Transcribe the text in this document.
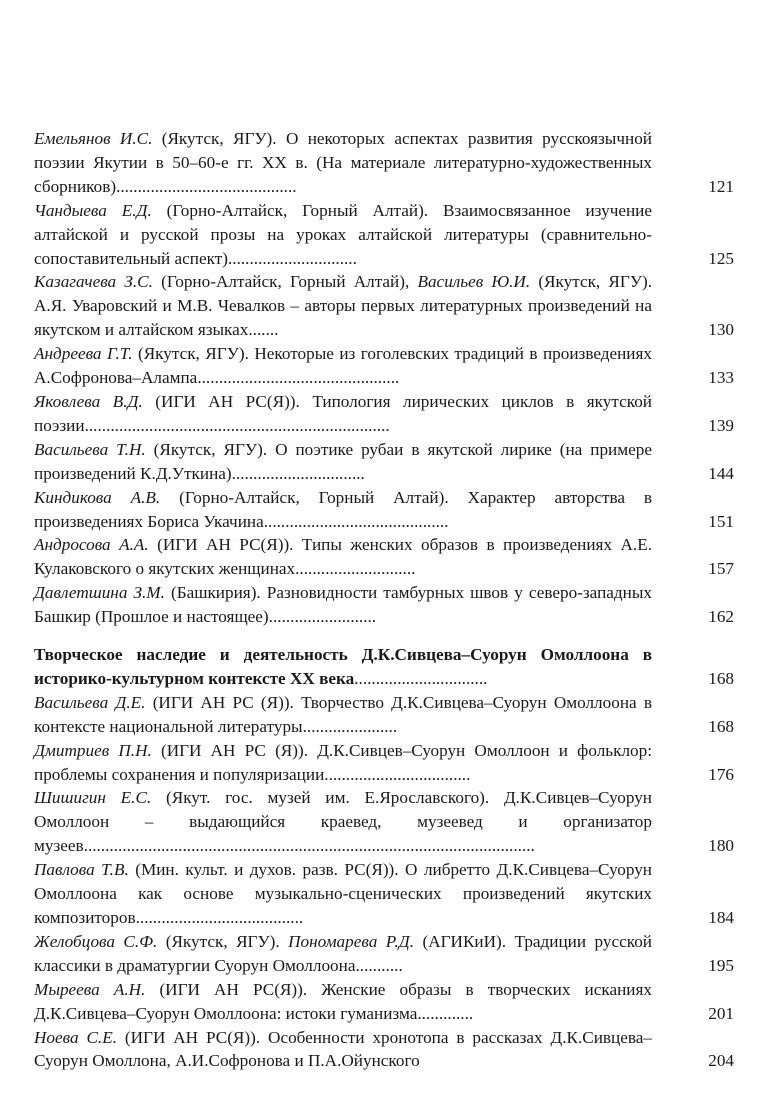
Емельянов И.С. (Якутск, ЯГУ). О некоторых аспектах развития русскоязычной поэзии Якутии в 50–60-е гг. XX в. (На материале литературно-художественных сборников)..........................................	121
Чандыева Е.Д. (Горно-Алтайск, Горный Алтай). Взаимосвязанное изучение алтайской и русской прозы на уроках алтайской литературы (сравнительно-сопоставительный аспект)..............................	125
Казагачева З.С. (Горно-Алтайск, Горный Алтай), Васильев Ю.И. (Якутск, ЯГУ). А.Я. Уваровский и М.В. Чевалков – авторы первых литературных произведений на якутском и алтайском языках.......	130
Андреева Г.Т. (Якутск, ЯГУ). Некоторые из гоголевских традиций в произведениях А.Софронова–Алампа...............................................	133
Яковлева В.Д. (ИГИ АН РС(Я)). Типология лирических циклов в якутской поэзии.......................................................................	139
Васильева Т.Н. (Якутск, ЯГУ). О поэтике рубаи в якутской лирике (на примере произведений К.Д.Уткина)...............................	144
Киндикова А.В. (Горно-Алтайск, Горный Алтай). Характер авторства в произведениях Бориса Укачина...........................................	151
Андросова А.А. (ИГИ АН РС(Я)). Типы женских образов в произведениях А.Е. Кулаковского о якутских женщинах............................	157
Давлетшина З.М. (Башкирия). Разновидности тамбурных швов у северо-западных Башкир (Прошлое и настоящее).........................	162
Творческое наследие и деятельность Д.К.Сивцева–Суорун Омоллоона в историко-культурном контексте XX века...............................	168
Васильева Д.Е. (ИГИ АН РС (Я)). Творчество Д.К.Сивцева–Суорун Омоллоона в контексте национальной литературы......................	168
Дмитриев П.Н. (ИГИ АН РС (Я)). Д.К.Сивцев–Суорун Омоллоон и фольклор: проблемы сохранения и популяризации..................................	176
Шишигин Е.С. (Якут. гос. музей им. Е.Ярославского). Д.К.Сивцев–Суорун Омоллоон – выдающийся краевед, музеевед и организатор музеев.........................................................................................................	180
Павлова Т.В. (Мин. культ. и духов. разв. РС(Я)). О либретто Д.К.Сивцева–Суорун Омоллоона как основе музыкально-сценических произведений якутских композиторов.......................................	184
Желобцова С.Ф. (Якутск, ЯГУ). Пономарева Р.Д. (АГИКиИ). Традиции русской классики в драматургии Суорун Омоллоона...........	195
Мыреева А.Н. (ИГИ АН РС(Я)). Женские образы в творческих исканиях Д.К.Сивцева–Суорун Омоллоона: истоки гуманизма.............	201
Ноева С.Е. (ИГИ АН РС(Я)). Особенности хронотопа в рассказах Д.К.Сивцева–Суорун Омоллона, А.И.Софронова и П.А.Ойунского	204
